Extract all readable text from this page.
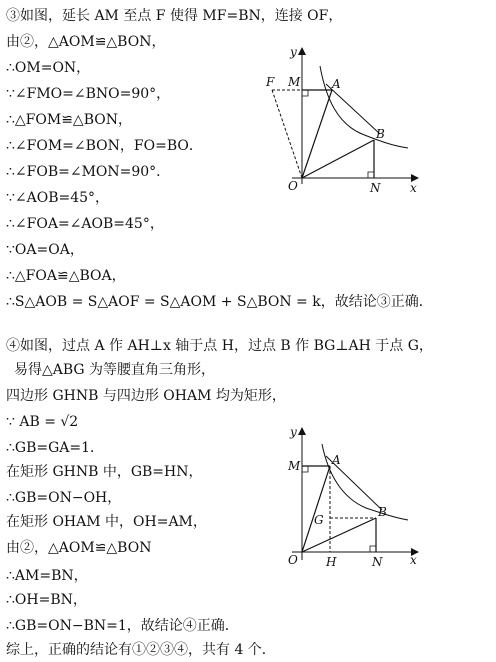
③如图，延长 AM 至点 F 使得 MF=BN，连接 OF，
由②，△AOM≌△BON，
∴OM=ON，
∵∠FMO=∠BNO=90°，
∴△FOM≌△BON，
∴∠FOM=∠BON，FO=BO．
∴∠FOB=∠MON=90°．
∵∠AOB=45°，
∴∠FOA=∠AOB=45°，
∵OA=OA，
∴△FOA≌△BOA，
∴S△AOB = S△AOF = S△AOM + S△BON = k，故结论③正确．
y
x
F M	A
B
O	N
④如图，过点 A 作 AH⊥x 轴于点 H，过点 B 作 BG⊥AH 于点 G，
易得△ABG 为等腰直角三角形，
四边形 GHNB 与四边形 OHAM 均为矩形，
∵ AB = √2
∴GB=GA=1．
在矩形 GHNB 中，GB=HN，
∴GB=ON−OH，
在矩形 OHAM 中，OH=AM，
由②，△AOM≌△BON
∴AM=BN，
∴OH=BN，
∴GB=ON−BN=1，故结论④正确．
综上，正确的结论有①②③④，共有 4 个．
y
x
M	A
G
B
O H	N
